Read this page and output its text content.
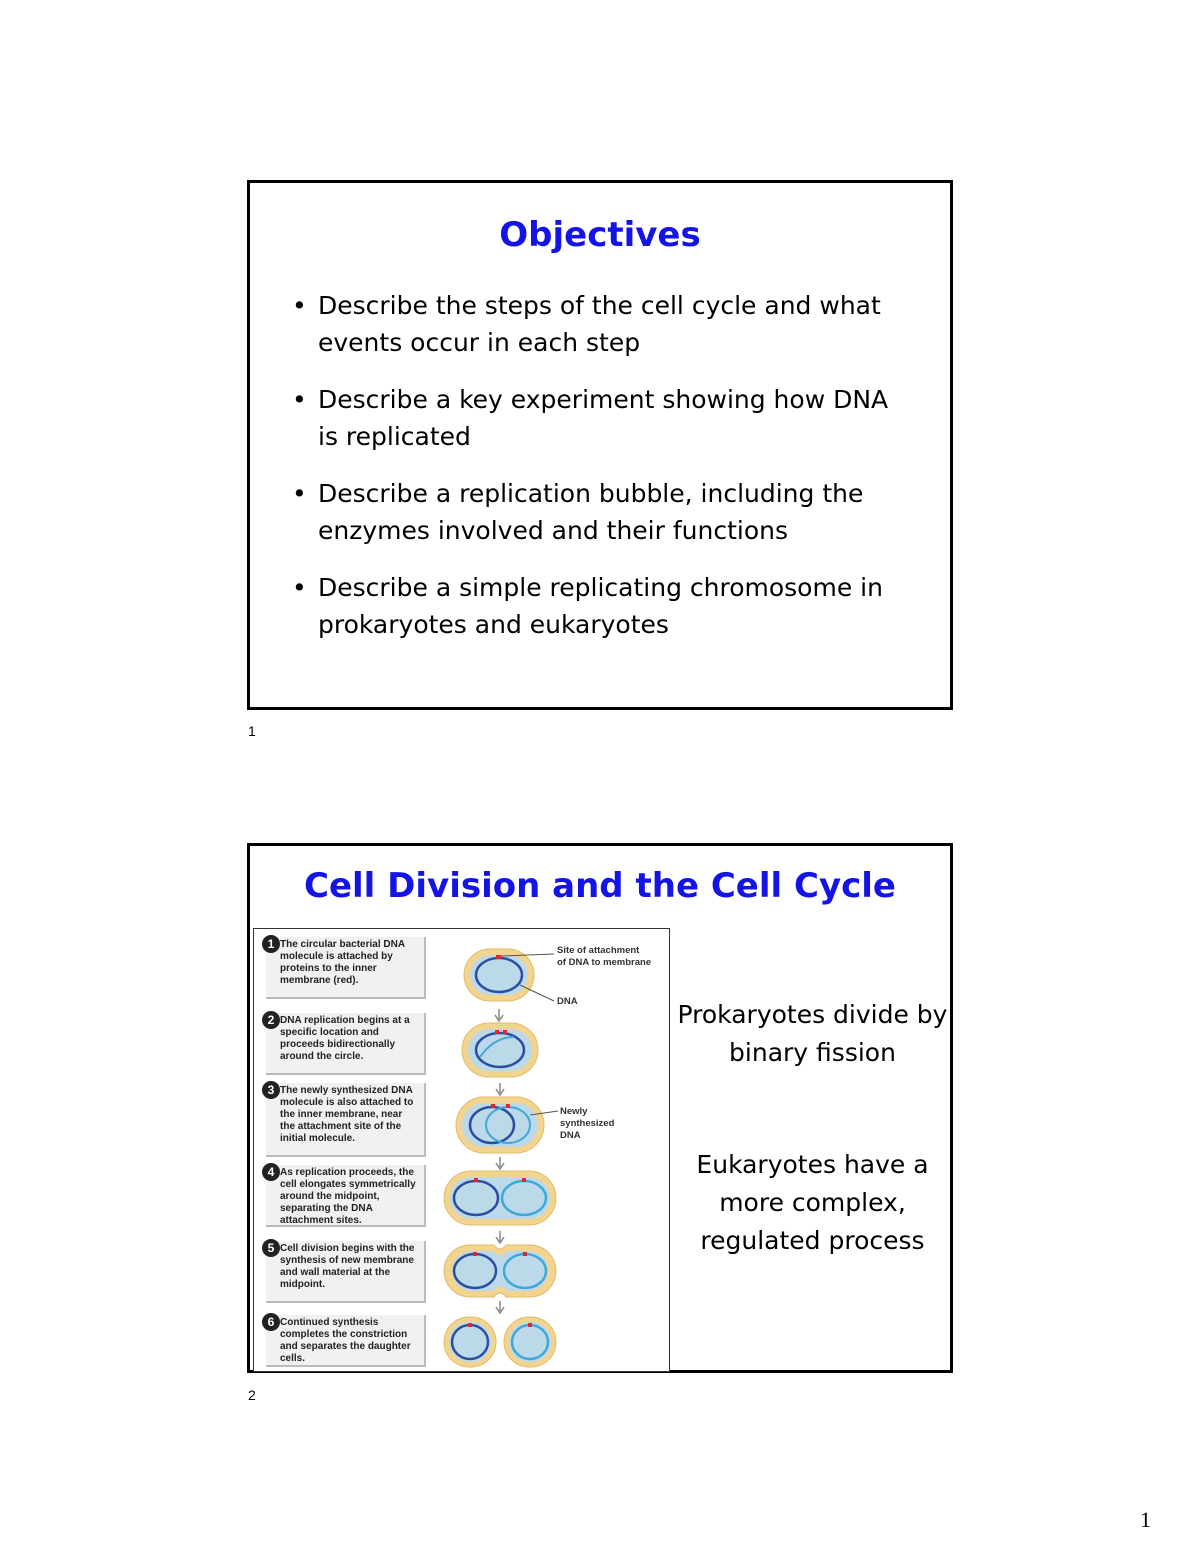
Objectives
• Describe the steps of the cell cycle and what events occur in each step
• Describe a key experiment showing how DNA is replicated
• Describe a replication bubble, including the enzymes involved and their functions
• Describe a simple replicating chromosome in prokaryotes and eukaryotes
1
Cell Division and the Cell Cycle
1 The circular bacterial DNA molecule is attached by proteins to the inner membrane (red).
2 DNA replication begins at a specific location and proceeds bidirectionally around the circle.
3 The newly synthesized DNA molecule is also attached to the inner membrane, near the attachment site of the initial molecule.
4 As replication proceeds, the cell elongates symmetrically around the midpoint, separating the DNA attachment sites.
5 Cell division begins with the synthesis of new membrane and wall material at the midpoint.
6 Continued synthesis completes the constriction and separates the daughter cells.
Site of attachment
of DNA to membrane
DNA
Newly
synthesized
DNA
Prokaryotes divide by binary fission
Eukaryotes have a more complex, regulated process
2
1
